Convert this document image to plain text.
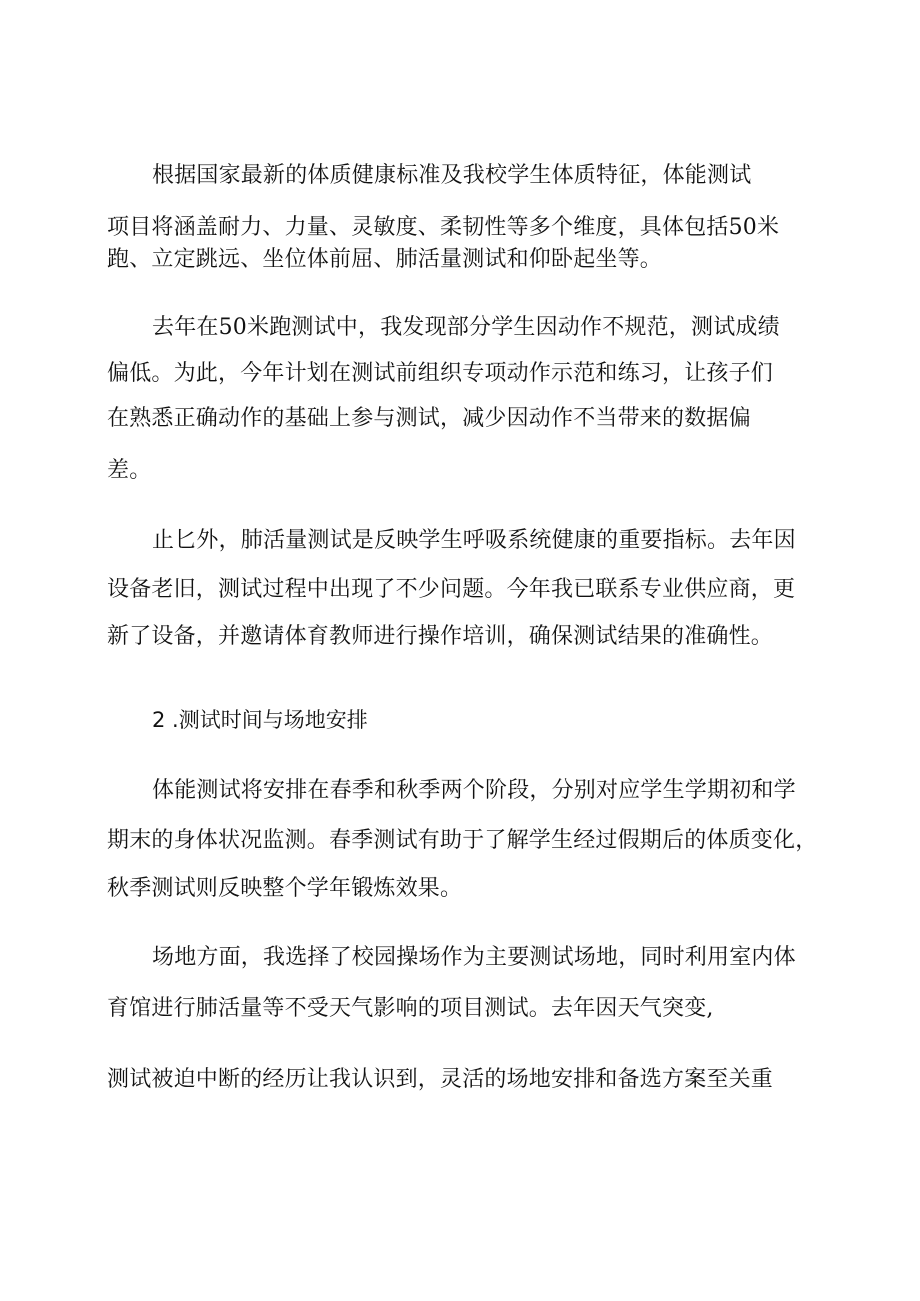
根据国家最新的体质健康标准及我校学生体质特征，体能测试

项目将涵盖耐力、力量、灵敏度、柔韧性等多个维度，具体包括50米

跑、立定跳远、坐位体前屈、肺活量测试和仰卧起坐等。

去年在50米跑测试中，我发现部分学生因动作不规范，测试成绩

偏低。为此，今年计划在测试前组织专项动作示范和练习，让孩子们

在熟悉正确动作的基础上参与测试，减少因动作不当带来的数据偏

差。

止匕外，肺活量测试是反映学生呼吸系统健康的重要指标。去年因

设备老旧，测试过程中出现了不少问题。今年我已联系专业供应商，更

新了设备，并邀请体育教师进行操作培训，确保测试结果的准确性。

2 .测试时间与场地安排

体能测试将安排在春季和秋季两个阶段，分别对应学生学期初和学

期末的身体状况监测。春季测试有助于了解学生经过假期后的体质变化，

秋季测试则反映整个学年锻炼效果。

场地方面，我选择了校园操场作为主要测试场地，同时利用室内体

育馆进行肺活量等不受天气影响的项目测试。去年因天气突变,

测试被迫中断的经历让我认识到，灵活的场地安排和备选方案至关重
